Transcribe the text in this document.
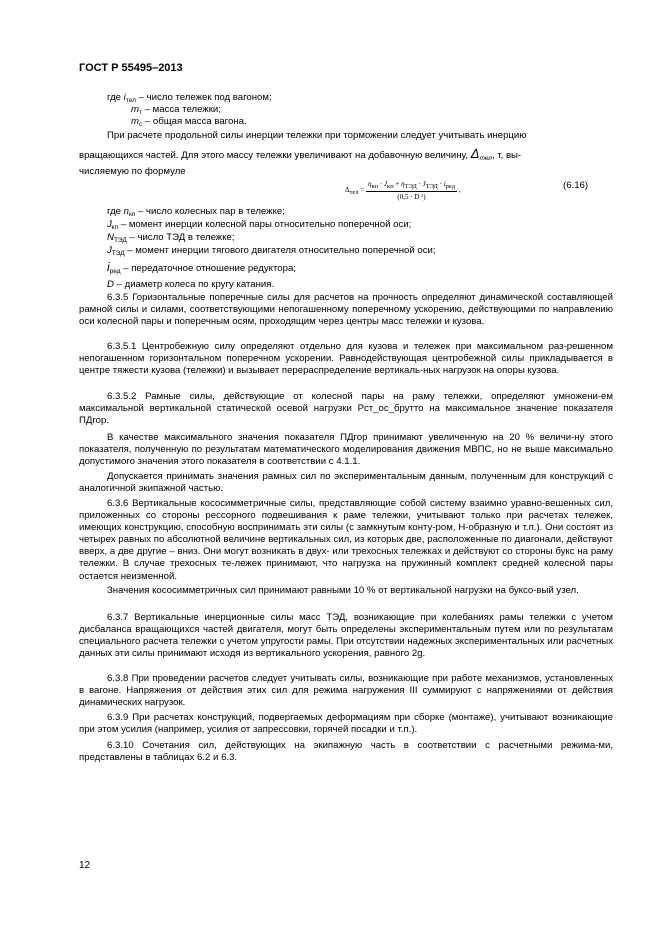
ГОСТ Р 55495–2013
где $i_{тел}$ – число тележек под вагоном;
$m_т$ – масса тележки;
$m_c$ – общая масса вагона.
При расчете продольной силы инерции тележки при торможении следует учитывать инерцию
вращающихся частей. Для этого массу тележки увеличивают на добавочную величину, $\Delta_{тел}$, т, вы-
числяемую по формуле
$\Delta_{тел} = \frac{\eta_{кп} \cdot J_{кп} + \eta_{ТЭД} \cdot J_{ТЭД} \cdot i_{ред}}{\text{(0,5 · D ²)}}$ ,	(6.16)
где $n_{кп}$ – число колесных пар в тележке;
$J_{кп}$ – момент инерции колесной пары относительно поперечной оси;
$N_{ТЭД}$ – число ТЭД в тележке;
$J_{ТЭД}$ – момент инерции тягового двигателя относительно поперечной оси;
$i_{ред}$ – передаточное отношение редуктора;
D – диаметр колеса по кругу катания.
6.3.5 Горизонтальные поперечные силы для расчетов на прочность определяют динамической составляющей рамной силы и силами, соответствующими непогашенному поперечному ускорению, действующими по направлению оси колесной пары и поперечным осям, проходящим через центры масс тележки и кузова.
6.3.5.1 Центробежную силу определяют отдельно для кузова и тележек при максимальном раз-решенном непогашенном горизонтальном поперечном ускорении. Равнодействующая центробежной силы прикладывается в центре тяжести кузова (тележки) и вызывает перераспределение вертикаль-ных нагрузок на опоры кузова.
6.3.5.2 Рамные силы, действующие от колесной пары на раму тележки, определяют умножени-ем максимальной вертикальной статической осевой нагрузки Рст_ос_брутто на максимальное значение показателя ПДгор.
В качестве максимального значения показателя ПДгор принимают увеличенную на 20 % величи-ну этого показателя, полученную по результатам математического моделирования движения МВПС, но не выше максимально допустимого значения этого показателя в соответствии с 4.1.1.
Допускается принимать значения рамных сил по экспериментальным данным, полученным для конструкций с аналогичной экипажной частью.
6.3.6 Вертикальные кососимметричные силы, представляющие собой систему взаимно уравно-вешенных сил, приложенных со стороны рессорного подвешивания к раме тележки, учитывают только при расчетах тележек, имеющих конструкцию, способную воспринимать эти силы (с замкнутым конту-ром, Н-образную и т.п.). Они состоят из четырех равных по абсолютной величине вертикальных сил, из которых две, расположенные по диагонали, действуют вверх, а две другие – вниз. Они могут возникать в двух- или трехосных тележках и действуют со стороны букс на раму тележки. В случае трехосных те-лежек принимают, что нагрузка на пружинный комплект средней колесной пары остается неизменной.
Значения кососимметричных сил принимают равными 10 % от вертикальной нагрузки на буксо-вый узел.
6.3.7 Вертикальные инерционные силы масс ТЭД, возникающие при колебаниях рамы тележки с учетом дисбаланса вращающихся частей двигателя, могут быть определены экспериментальным путем или по результатам специального расчета тележки с учетом упругости рамы. При отсутствии надежных экспериментальных или расчетных данных эти силы принимают исходя из вертикального ускорения, равного 2g.
6.3.8 При проведении расчетов следует учитывать силы, возникающие при работе механизмов, установленных в вагоне. Напряжения от действия этих сил для режима нагружения III суммируют с напряжениями от действия динамических нагрузок.
6.3.9 При расчетах конструкций, подвергаемых деформациям при сборке (монтаже), учитывают возникающие при этом усилия (например, усилия от запрессовки, горячей посадки и т.п.).
6.3.10 Сочетания сил, действующих на экипажную часть в соответствии с расчетными режима-ми, представлены в таблицах 6.2 и 6.3.
12
